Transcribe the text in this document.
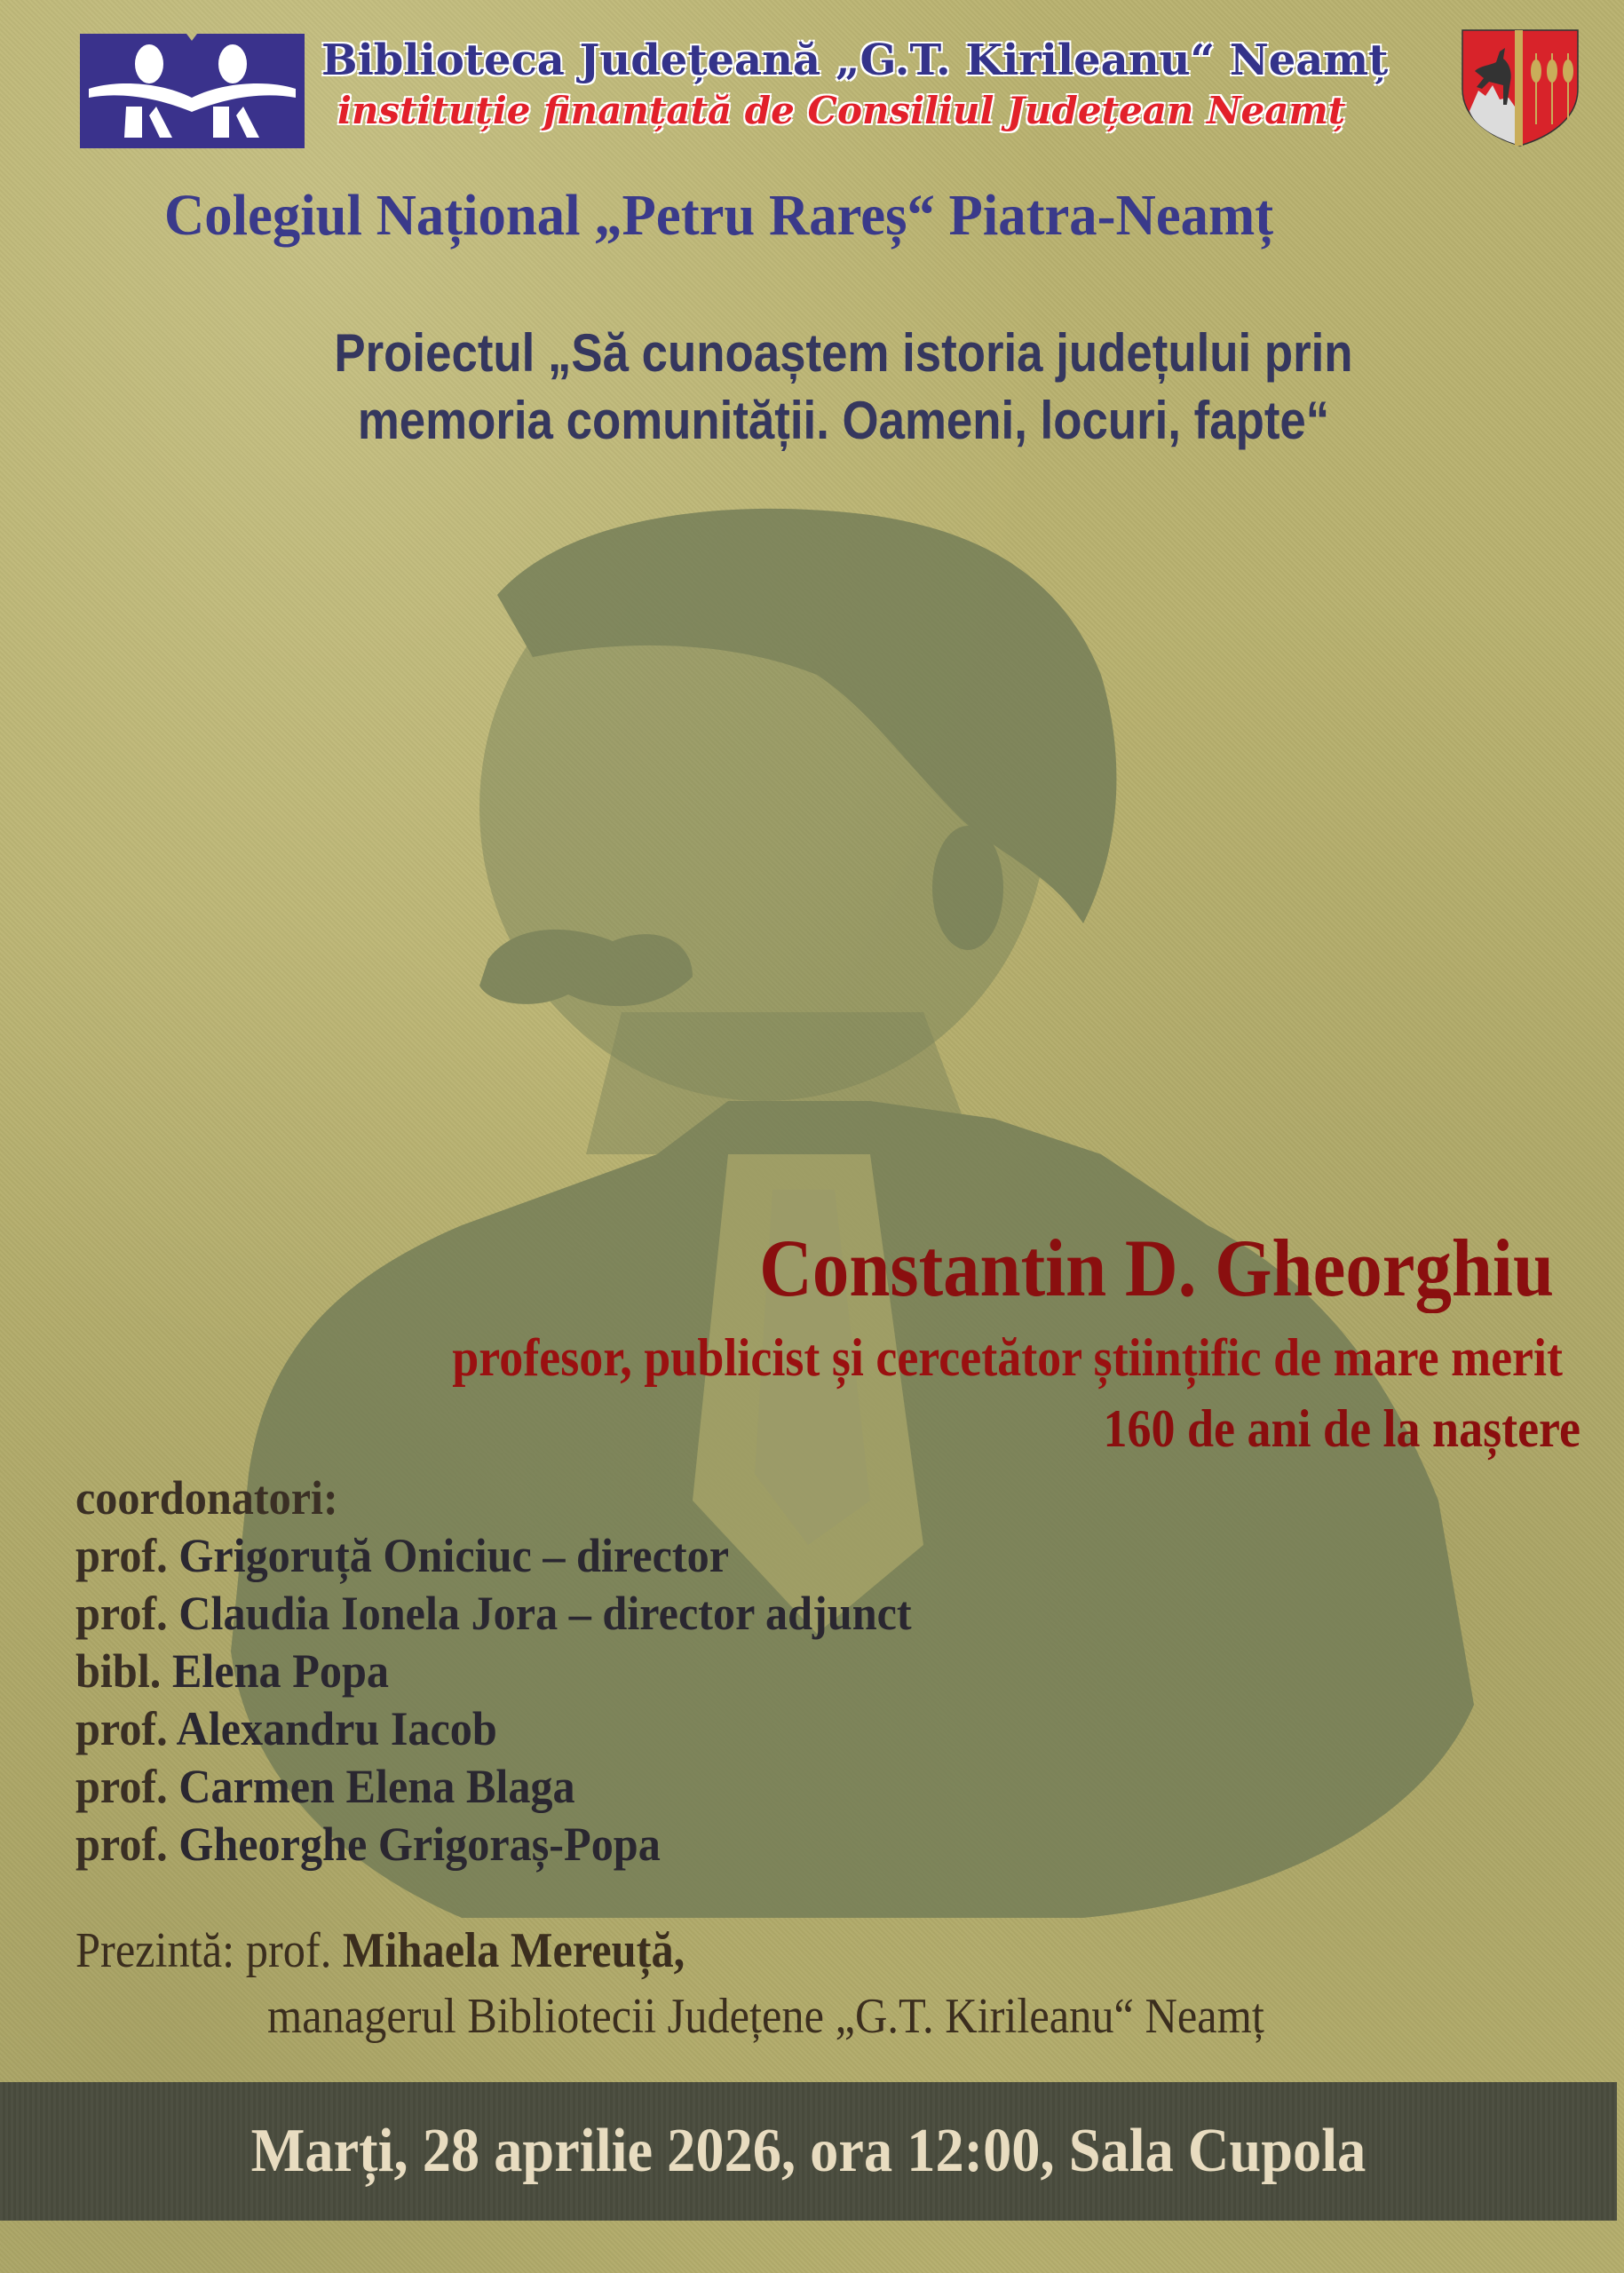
Biblioteca Județeană „G.T. Kirileanu“ Neamț
instituție finanțată de Consiliul Județean Neamț
Colegiul Național „Petru Rareș“ Piatra-Neamț
Proiectul „Să cunoaștem istoria județului prin
memoria comunității. Oameni, locuri, fapte“
Constantin D. Gheorghiu
profesor, publicist și cercetător științific de mare merit
160 de ani de la naștere
coordonatori:
prof. Grigoruță Oniciuc – director
prof. Claudia Ionela Jora – director adjunct
bibl. Elena Popa
prof. Alexandru Iacob
prof. Carmen Elena Blaga
prof. Gheorghe Grigoraș-Popa
Prezintă: prof. Mihaela Mereuță,
managerul Bibliotecii Județene „G.T. Kirileanu“ Neamț
Marți, 28 aprilie 2026, ora 12:00, Sala Cupola
